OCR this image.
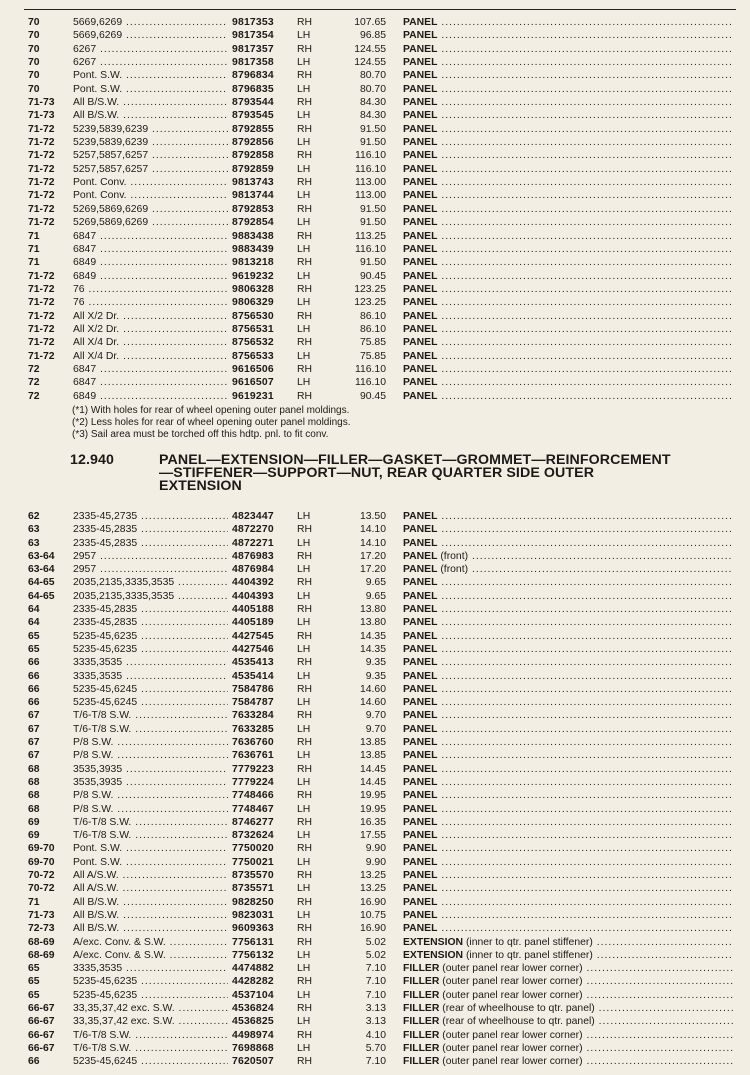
70	5669,6269 .....	9817353 RH	107.65 PANEL .....
70	5669,6269 .....	9817354 LH	96.85 PANEL .....
70	6267 .....	9817357 RH	124.55 PANEL .....
70	6267 .....	9817358 LH	124.55 PANEL .....
70	Pont. S.W. .....	8796834 RH	80.70 PANEL .....
70	Pont. S.W. .....	8796835 LH	80.70 PANEL .....
71-73 All B/S.W. .....	8793544 RH	84.30 PANEL .....
71-73 All B/S.W. .....	8793545 LH	84.30 PANEL .....
71-72 5239,5839,6239 .....	8792855 RH	91.50 PANEL .....
71-72 5239,5839,6239 .....	8792856 LH	91.50 PANEL .....
71-72 5257,5857,6257 .....	8792858 RH	116.10 PANEL .....
71-72 5257,5857,6257 .....	8792859 LH	116.10 PANEL .....
71-72 Pont. Conv. .....	9813743 RH	113.00 PANEL .....
71-72 Pont. Conv. .....	9813744 LH	113.00 PANEL .....
71-72 5269,5869,6269 .....	8792853 RH	91.50 PANEL .....
71-72 5269,5869,6269 .....	8792854 LH	91.50 PANEL .....
71	6847 .....	9883438 RH	113.25 PANEL .....
71	6847 .....	9883439 LH	116.10 PANEL .....
71	6849 .....	9813218 RH	91.50 PANEL .....
71-72 6849 .....	9619232 LH	90.45 PANEL .....
71-72 76 .....	9806328 RH	123.25 PANEL .....
71-72 76 .....	9806329 LH	123.25 PANEL .....
71-72 All X/2 Dr. .....	8756530 RH	86.10 PANEL .....
71-72 All X/2 Dr. .....	8756531 LH	86.10 PANEL .....
71-72 All X/4 Dr. .....	8756532 RH	75.85 PANEL .....
71-72 All X/4 Dr. .....	8756533 LH	75.85 PANEL .....
72	6847 .....	9616506 RH	116.10 PANEL .....
72	6847 .....	9616507 LH	116.10 PANEL .....
72	6849 .....	9619231 RH	90.45 PANEL .....
(*1) With holes for rear of wheel opening outer panel moldings.
(*2) Less holes for rear of wheel opening outer panel moldings.
(*3) Sail area must be torched off this hdtp. pnl. to fit conv.
12.940	PANEL—EXTENSION—FILLER—GASKET—GROMMET—REINFORCEMENT
—STIFFENER—SUPPORT—NUT, REAR QUARTER SIDE OUTER
EXTENSION
62	2335-45,2735 .....	4823447 LH	13.50 PANEL .....
63	2335-45,2835 .....	4872270 RH	14.10 PANEL .....
63	2335-45,2835 .....	4872271 LH	14.10 PANEL .....
63-64 2957 .....	4876983 RH	17.20 PANEL (front) .....
63-64 2957 .....	4876984 LH	17.20 PANEL (front) .....
64-65 2035,2135,3335,3535 .....	4404392 RH	9.65 PANEL .....
64-65 2035,2135,3335,3535 .....	4404393 LH	9.65 PANEL .....
64	2335-45,2835 .....	4405188 RH	13.80 PANEL .....
64	2335-45,2835 .....	4405189 LH	13.80 PANEL .....
65	5235-45,6235 .....	4427545 RH	14.35 PANEL .....
65	5235-45,6235 .....	4427546 LH	14.35 PANEL .....
66	3335,3535 .....	4535413 RH	9.35 PANEL .....
66	3335,3535 .....	4535414 LH	9.35 PANEL .....
66	5235-45,6245 .....	7584786 RH	14.60 PANEL .....
66	5235-45,6245 .....	7584787 LH	14.60 PANEL .....
67	T/6-T/8 S.W. .....	7633284 RH	9.70 PANEL .....
67	T/6-T/8 S.W. .....	7633285 LH	9.70 PANEL .....
67	P/8 S.W. .....	7636760 RH	13.85 PANEL .....
67	P/8 S.W. .....	7636761 LH	13.85 PANEL .....
68	3535,3935 .....	7779223 RH	14.45 PANEL .....
68	3535,3935 .....	7779224 LH	14.45 PANEL .....
68	P/8 S.W. .....	7748466 RH	19.95 PANEL .....
68	P/8 S.W. .....	7748467 LH	19.95 PANEL .....
69	T/6-T/8 S.W. .....	8746277 RH	16.35 PANEL .....
69	T/6-T/8 S.W. .....	8732624 LH	17.55 PANEL .....
69-70 Pont. S.W. .....	7750020 RH	9.90 PANEL .....
69-70 Pont. S.W. .....	7750021 LH	9.90 PANEL .....
70-72 All A/S.W. .....	8735570 RH	13.25 PANEL .....
70-72 All A/S.W. .....	8735571 LH	13.25 PANEL .....
71	All B/S.W. .....	9828250 RH	16.90 PANEL .....
71-73 All B/S.W. .....	9823031 LH	10.75 PANEL .....
72-73 All B/S.W. .....	9609363 RH	16.90 PANEL .....
68-69 A/exc. Conv. & S.W. .....	7756131 RH	5.02 EXTENSION (inner to qtr. panel stiffener) .....
68-69 A/exc. Conv. & S.W. .....	7756132 LH	5.02 EXTENSION (inner to qtr. panel stiffener) .....
65	3335,3535 .....	4474882 LH	7.10 FILLER (outer panel rear lower corner) .....
65	5235-45,6235 .....	4428282 RH	7.10 FILLER (outer panel rear lower corner) .....
65	5235-45,6235 .....	4537104 LH	7.10 FILLER (outer panel rear lower corner) .....
66-67 33,35,37,42 exc. S.W. .....	4536824 RH	3.13 FILLER (rear of wheelhouse to qtr. panel) .....
66-67 33,35,37,42 exc. S.W. .....	4536825 LH	3.13 FILLER (rear of wheelhouse to qtr. panel) .....
66-67 T/6-T/8 S.W. .....	4498974 RH	4.10 FILLER (outer panel rear lower corner) .....
66-67 T/6-T/8 S.W. .....	7698868 LH	5.70 FILLER (outer panel rear lower corner) .....
66	5235-45,6245 .....	7620507 RH	7.10 FILLER (outer panel rear lower corner) .....
